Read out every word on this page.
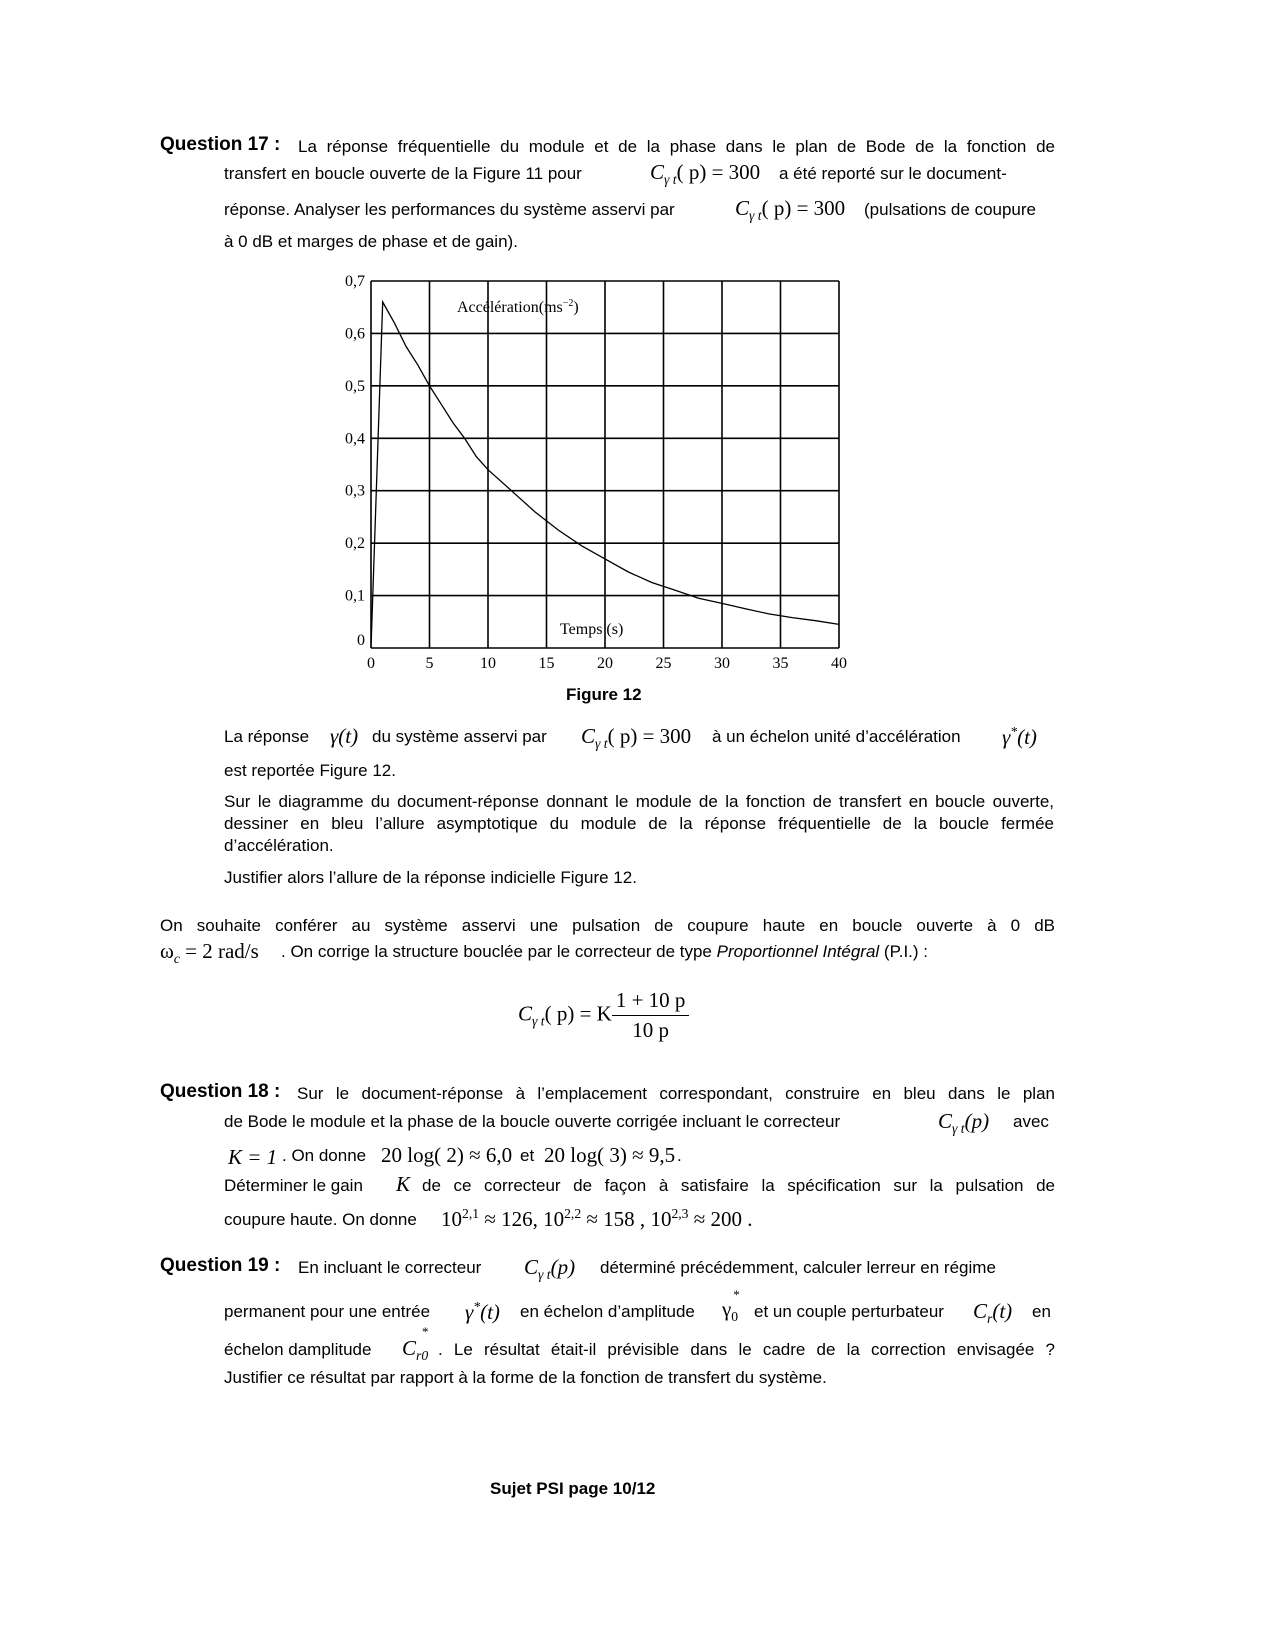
Question 17 : La réponse fréquentielle du module et de la phase dans le plan de Bode de la fonction de
transfert en boucle ouverte de la Figure 11 pour	$C_{\gamma t}$( p) = 300 a été reporté sur le document-
réponse. Analyser les performances du système asservi par	$C_{\gamma t}$( p) = 300 (pulsations de coupure
à 0 dB et marges de phase et de gain).
0	5	10	15	20	25	30	35	40
0
0,1
0,2
0,3
0,4
0,5
0,6
0,7
$Accélération(ms^{-2})$
Temps (s)
Figure 12
La réponse γ(t) du système asservi par $C_{\gamma t}$( p) = 300 à un échelon unité d’accélération γ*(t)
est reportée Figure 12.
Sur le diagramme du document-réponse donnant le module de la fonction de transfert en boucle ouverte, dessiner en bleu l’allure asymptotique du module de la réponse fréquentielle de la boucle fermée d’accélération.
Justifier alors l’allure de la réponse indicielle Figure 12.
On souhaite conférer au système asservi une pulsation de coupure haute en boucle ouverte à 0 dB
$\omega_c = 2$ rad/s . On corrige la structure bouclée par le correcteur de type Proportionnel Intégral (P.I.) :
$C_{\gamma t}$( p) = K $\frac{1 + 10 p}{10 p}$
Question 18 : Sur le document-réponse à l’emplacement correspondant, construire en bleu dans le plan
de Bode le module et la phase de la boucle ouverte corrigée incluant le correcteur	$C_{\gamma t}(p)$ avec
K = 1 . On donne 20 log( 2) ≈ 6,0 et 20 log( 3) ≈ 9,5 .
Déterminer le gain K de ce correcteur de façon à satisfaire la spécification sur la pulsation de
coupure haute. On donne $10^{2,1} \approx 126$, $10^{2,2} \approx 158$ , $10^{2,3} \approx 200$ .
Question 19 : En incluant le correcteur $C_{\gamma t}(p)$ déterminé précédemment, calculer lerreur en régime
permanent pour une entrée γ*(t) en échelon d’amplitude γ
*
$_0$ et un couple perturbateur $C_r(t)$ en
échelon damplitude C
*
$_{r0}$ . Le résultat était-il prévisible dans le cadre de la correction envisagée ?
Justifier ce résultat par rapport à la forme de la fonction de transfert du système.
Sujet PSI page 10/12
